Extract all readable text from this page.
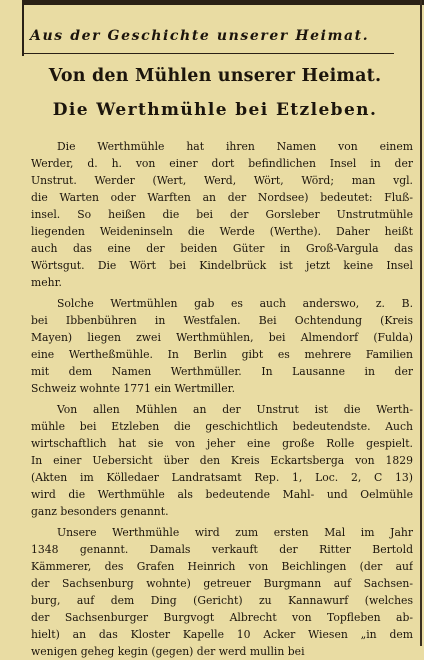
Aus der Geschichte unserer Heimat.
Von den Mühlen unserer Heimat.
Die Werthmühle bei Etzleben.
Die Werthmühle hat ihren Namen von einem
Werder, d. h. von einer dort befindlichen Insel in der
Unstrut. Werder (Wert, Werd, Wört, Wörd; man vgl.
die Warten oder Warften an der Nordsee) bedeutet: Fluß-
insel. So heißen die bei der Gorsleber Unstrutmühle
liegenden Weideninseln die Werde (Werthe). Daher heißt
auch das eine der beiden Güter in Groß-Vargula das
Wörtsgut. Die Wört bei Kindelbrück ist jetzt keine Insel
mehr.
Solche Wertmühlen gab es auch anderswo, z. B.
bei Ibbenbühren in Westfalen. Bei Ochtendung (Kreis
Mayen) liegen zwei Werthmühlen, bei Almendorf (Fulda)
eine Wertheßmühle. In Berlin gibt es mehrere Familien
mit dem Namen Werthmüller. In Lausanne in der
Schweiz wohnte 1771 ein Wertmiller.
Von allen Mühlen an der Unstrut ist die Werth-
mühle bei Etzleben die geschichtlich bedeutendste. Auch
wirtschaftlich hat sie von jeher eine große Rolle gespielt.
In einer Uebersicht über den Kreis Eckartsberga von 1829
(Akten im Kölledaer Landratsamt Rep. 1, Loc. 2, C 13)
wird die Werthmühle als bedeutende Mahl- und Oelmühle
ganz besonders genannt.
Unsere Werthmühle wird zum ersten Mal im Jahr
1348 genannt. Damals verkauft der Ritter Bertold
Kämmerer, des Grafen Heinrich von Beichlingen (der auf
der Sachsenburg wohnte) getreuer Burgmann auf Sachsen-
burg, auf dem Ding (Gericht) zu Kannawurf (welches
der Sachsenburger Burgvogt Albrecht von Topfleben ab-
hielt) an das Kloster Kapelle 10 Acker Wiesen „in dem
wenigen geheg kegin (gegen) der werd mullin bei
